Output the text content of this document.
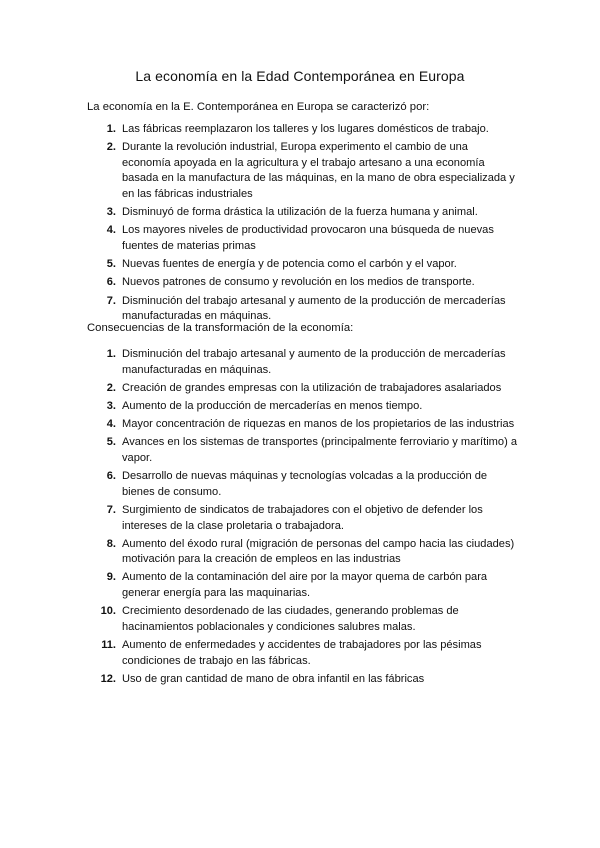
La economía en la Edad Contemporánea en Europa
La economía en la E. Contemporánea en Europa se caracterizó por:
1. Las fábricas reemplazaron los talleres y los lugares domésticos de trabajo.
2. Durante la revolución industrial, Europa experimento el cambio de una economía apoyada en la agricultura y el trabajo artesano a una economía basada en la manufactura de las máquinas, en la mano de obra especializada y en las fábricas industriales
3. Disminuyó de forma drástica la utilización de la fuerza humana y animal.
4. Los mayores niveles de productividad provocaron una búsqueda de nuevas fuentes de materias primas
5. Nuevas fuentes de energía y de potencia como el carbón y el vapor.
6. Nuevos patrones de consumo y revolución en los medios de transporte.
7. Disminución del trabajo artesanal y aumento de la producción de mercaderías manufacturadas en máquinas.
Consecuencias de la transformación de la economía:
1. Disminución del trabajo artesanal y aumento de la producción de mercaderías manufacturadas en máquinas.
2. Creación de grandes empresas con la utilización de trabajadores asalariados
3. Aumento de la producción de mercaderías en menos tiempo.
4. Mayor concentración de riquezas en manos de los propietarios de las industrias
5. Avances en los sistemas de transportes (principalmente ferroviario y marítimo) a vapor.
6. Desarrollo de nuevas máquinas y tecnologías volcadas a la producción de bienes de consumo.
7. Surgimiento de sindicatos de trabajadores con el objetivo de defender los intereses de la clase proletaria o trabajadora.
8. Aumento del éxodo rural (migración de personas del campo hacia las ciudades) motivación para la creación de empleos en las industrias
9. Aumento de la contaminación del aire por la mayor quema de carbón para generar energía para las maquinarias.
10. Crecimiento desordenado de las ciudades, generando problemas de hacinamientos poblacionales y condiciones salubres malas.
11. Aumento de enfermedades y accidentes de trabajadores por las pésimas condiciones de trabajo en las fábricas.
12. Uso de gran cantidad de mano de obra infantil en las fábricas
